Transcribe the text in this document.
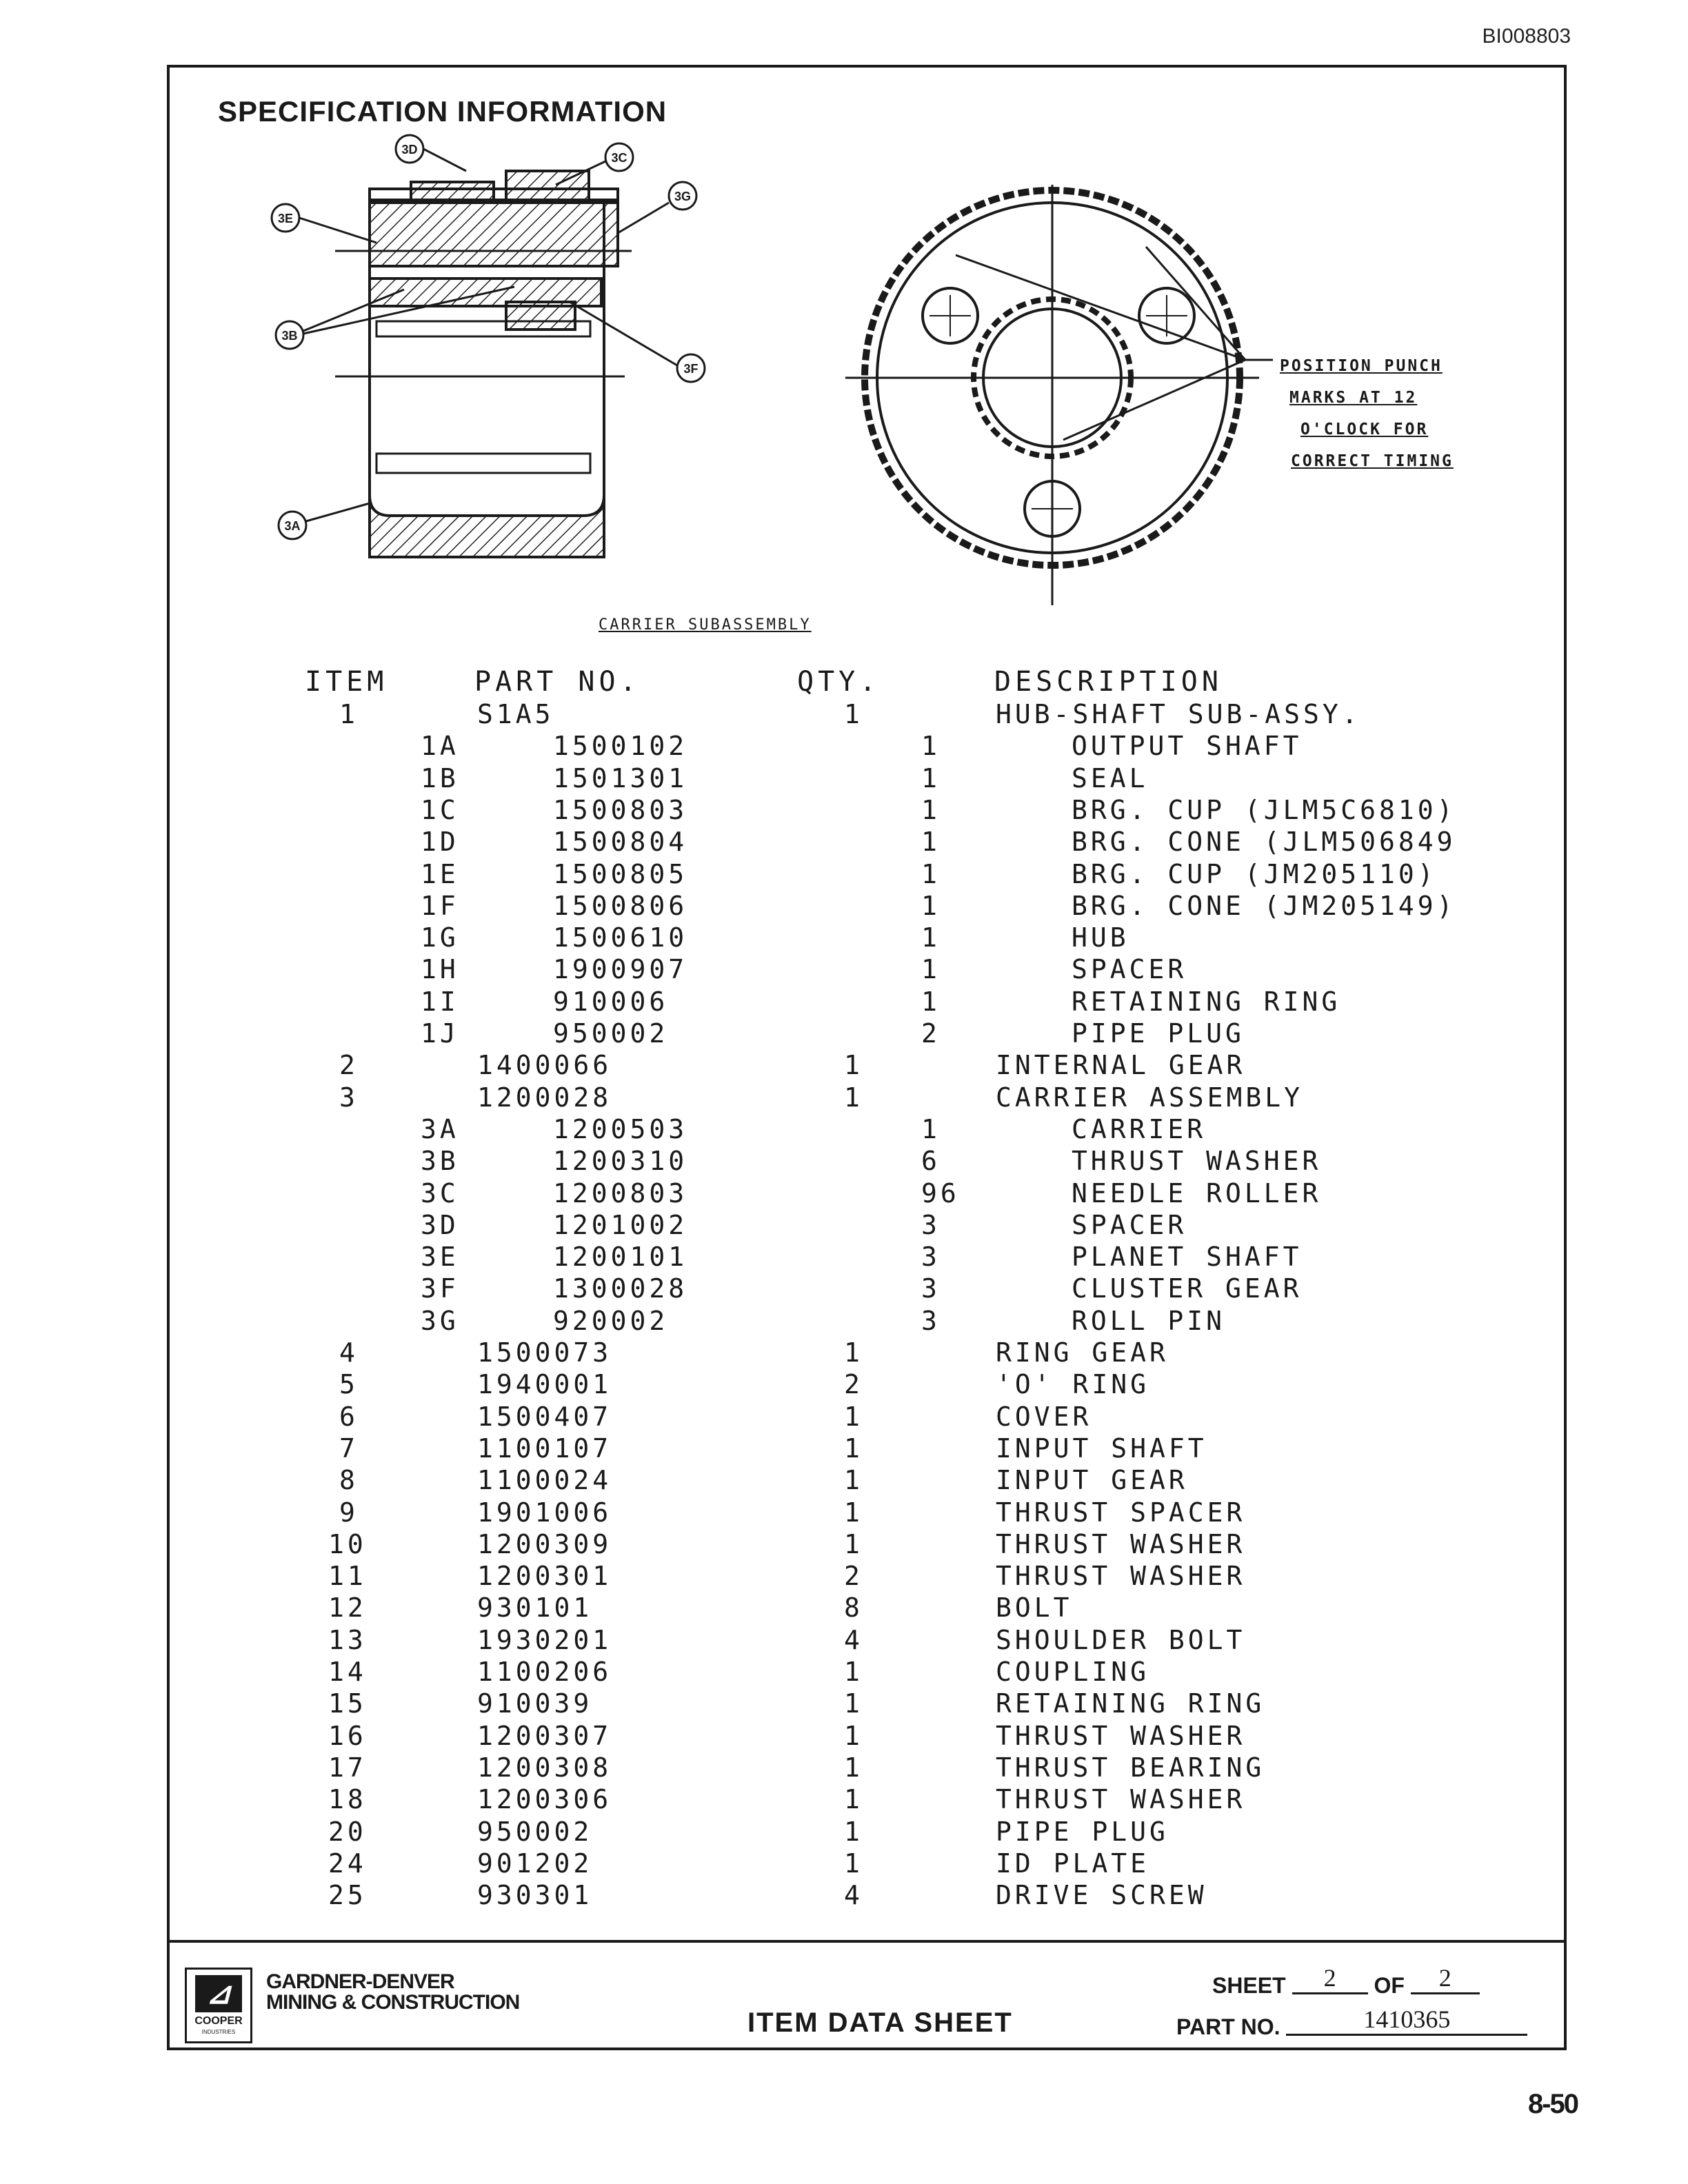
BI008803
SPECIFICATION INFORMATION
3D
3C
3G
3E
3B
3F
3A
CARRIER SUBASSEMBLY
POSITION PUNCH
MARKS AT 12
O'CLOCK FOR
CORRECT TIMING
ITEM	PART NO.	QTY.	DESCRIPTION
1	S1A5	1	HUB-SHAFT SUB-ASSY.
1A	1500102	1	OUTPUT SHAFT
1B	1501301	1	SEAL
1C	1500803	1	BRG. CUP (JLM5C6810)
1D	1500804	1	BRG. CONE (JLM506849
1E	1500805	1	BRG. CUP (JM205110)
1F	1500806	1	BRG. CONE (JM205149)
1G	1500610	1	HUB
1H	1900907	1	SPACER
1I	910006	1	RETAINING RING
1J	950002	2	PIPE PLUG
2	1400066	1	INTERNAL GEAR
3	1200028	1	CARRIER ASSEMBLY
3A	1200503	1	CARRIER
3B	1200310	6	THRUST WASHER
3C	1200803	96	NEEDLE ROLLER
3D	1201002	3	SPACER
3E	1200101	3	PLANET SHAFT
3F	1300028	3	CLUSTER GEAR
3G	920002	3	ROLL PIN
4	1500073	1	RING GEAR
5	1940001	2	'O' RING
6	1500407	1	COVER
7	1100107	1	INPUT SHAFT
8	1100024	1	INPUT GEAR
9	1901006	1	THRUST SPACER
10	1200309	1	THRUST WASHER
11	1200301	2	THRUST WASHER
12	930101	8	BOLT
13	1930201	4	SHOULDER BOLT
14	1100206	1	COUPLING
15	910039	1	RETAINING RING
16	1200307	1	THRUST WASHER
17	1200308	1	THRUST BEARING
18	1200306	1	THRUST WASHER
20	950002	1	PIPE PLUG
24	901202	1	ID PLATE
25	930301	4	DRIVE SCREW
⊿
COOPER
INDUSTRIES
GARDNER-DENVER
MINING & CONSTRUCTION
ITEM DATA SHEET
SHEET 2 OF 2
PART NO.	1410365
8-50
